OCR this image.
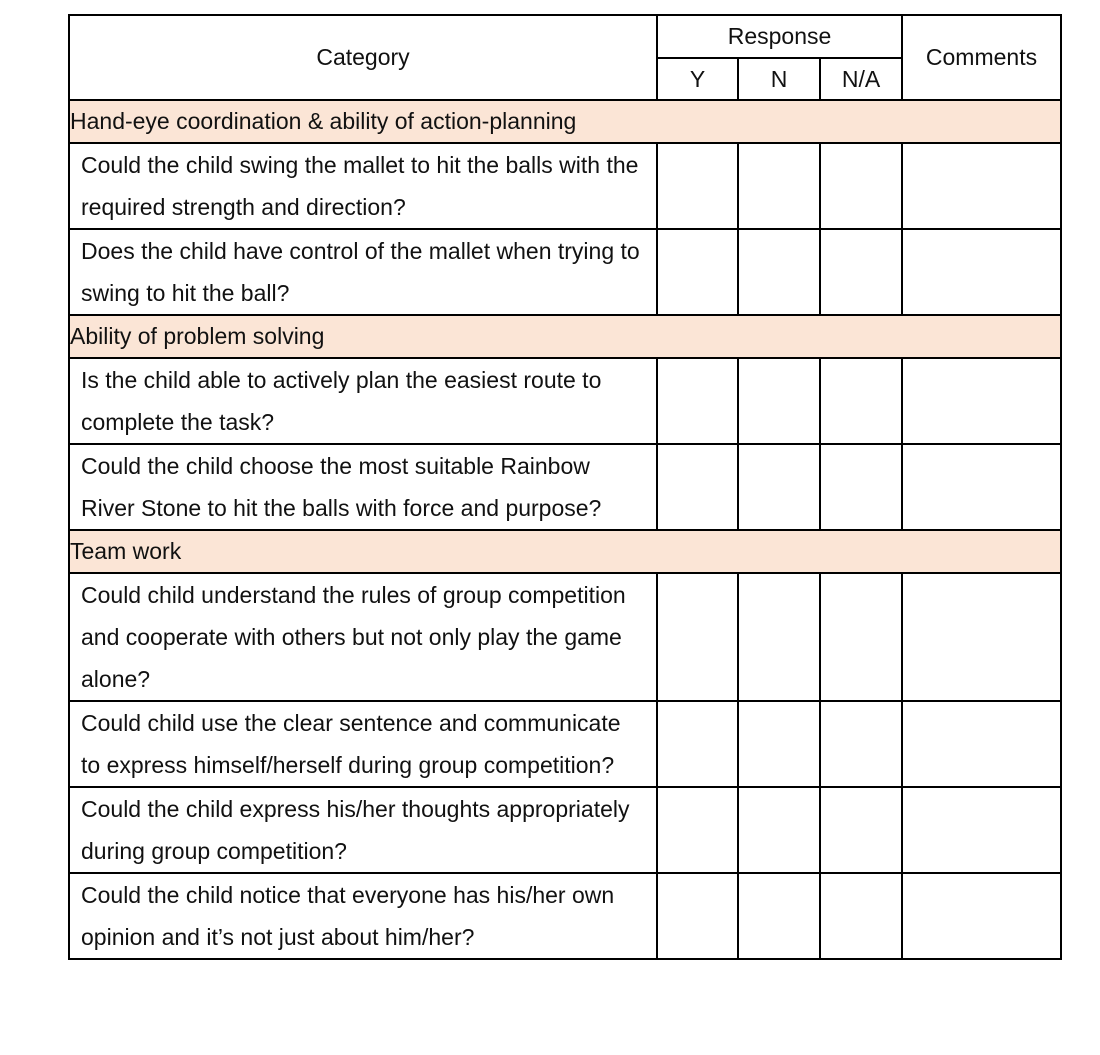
Category	Response			Comments
	Y	N	N/A	
Hand-eye coordination & ability of action-planning				
Could the child swing the mallet to hit the balls with the required strength and direction?				
Does the child have control of the mallet when trying to swing to hit the ball?				
Ability of problem solving				
Is the child able to actively plan the easiest route to complete the task?				
Could the child choose the most suitable Rainbow River Stone to hit the balls with force and purpose?				
Team work				
Could child understand the rules of group competition and cooperate with others but not only play the game alone?				
Could child use the clear sentence and communicate to express himself/herself during group competition?				
Could the child express his/her thoughts appropriately during group competition?				
Could the child notice that everyone has his/her own opinion and it’s not just about him/her?				
